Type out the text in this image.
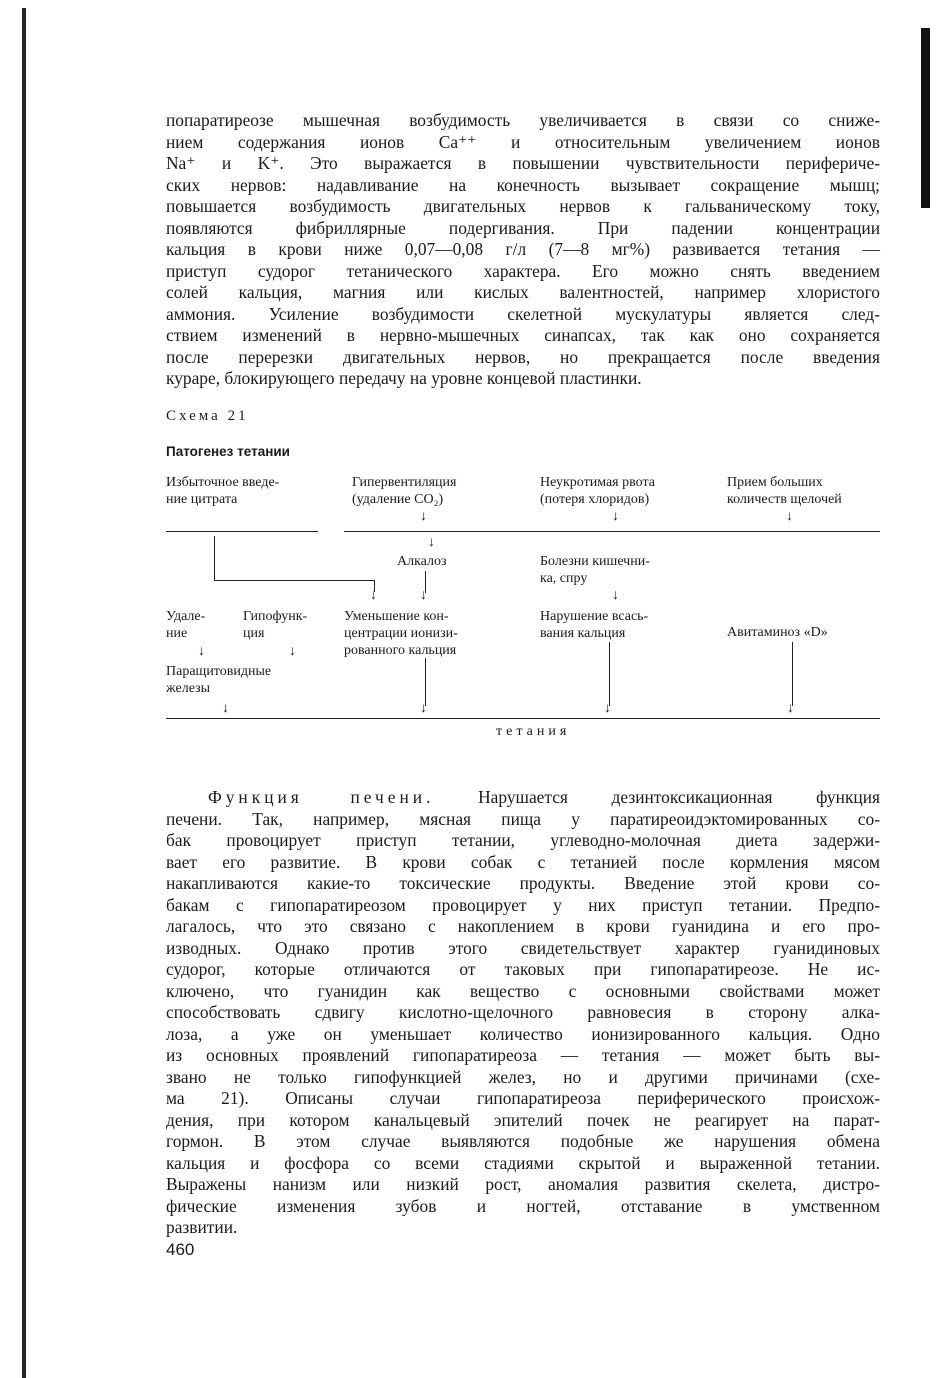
попаратиреозе мышечная возбудимость увеличивается в связи со сниже-
нием содержания ионов Ca⁺⁺ и относительным увеличением ионов
Na⁺ и K⁺. Это выражается в повышении чувствительности перифериче-
ских нервов: надавливание на конечность вызывает сокращение мышц;
повышается возбудимость двигательных нервов к гальваническому току,
появляются фибриллярные подергивания. При падении концентрации
кальция в крови ниже 0,07—0,08 г/л (7—8 мг%) развивается тетания —
приступ судорог тетанического характера. Его можно снять введением
солей кальция, магния или кислых валентностей, например хлористого
аммония. Усиление возбудимости скелетной мускулатуры является след-
ствием изменений в нервно-мышечных синапсах, так как оно сохраняется
после перерезки двигательных нервов, но прекращается после введения
кураре, блокирующего передачу на уровне концевой пластинки.
Схема 21
Патогенез тетании
Избыточное введе-
ние цитрата
Гипервентиляция
(удаление CO₂)
Неукротимая рвота
(потеря хлоридов)
Прием больших
количеств щелочей
↓	↓	↓
↓
Алкалоз	Болезни кишечни-
ка, спру
↓	↓	↓
Удале-
ние
Гипофунк-
ция
Уменьшение кон-
центрации ионизи-
рованного кальция
Нарушение всась-
вания кальция	Авитаминоз «D»
↓	↓
Паращитовидные
железы
↓	↓	↓	↓
тетания
Функция печени. Нарушается дезинтоксикационная функция
печени. Так, например, мясная пища у паратиреоидэктомированных со-
бак провоцирует приступ тетании, углеводно-молочная диета задержи-
вает его развитие. В крови собак с тетанией после кормления мясом
накапливаются какие-то токсические продукты. Введение этой крови со-
бакам с гипопаратиреозом провоцирует у них приступ тетании. Предпо-
лагалось, что это связано с накоплением в крови гуанидина и его про-
изводных. Однако против этого свидетельствует характер гуанидиновых
судорог, которые отличаются от таковых при гипопаратиреозе. Не ис-
ключено, что гуанидин как вещество с основными свойствами может
способствовать сдвигу кислотно-щелочного равновесия в сторону алка-
лоза, а уже он уменьшает количество ионизированного кальция. Одно
из основных проявлений гипопаратиреоза — тетания — может быть вы-
звано не только гипофункцией желез, но и другими причинами (схе-
ма 21). Описаны случаи гипопаратиреоза периферического происхож-
дения, при котором канальцевый эпителий почек не реагирует на парат-
гормон. В этом случае выявляются подобные же нарушения обмена
кальция и фосфора со всеми стадиями скрытой и выраженной тетании.
Выражены нанизм или низкий рост, аномалия развития скелета, дистро-
фические изменения зубов и ногтей, отставание в умственном
развитии.
460
